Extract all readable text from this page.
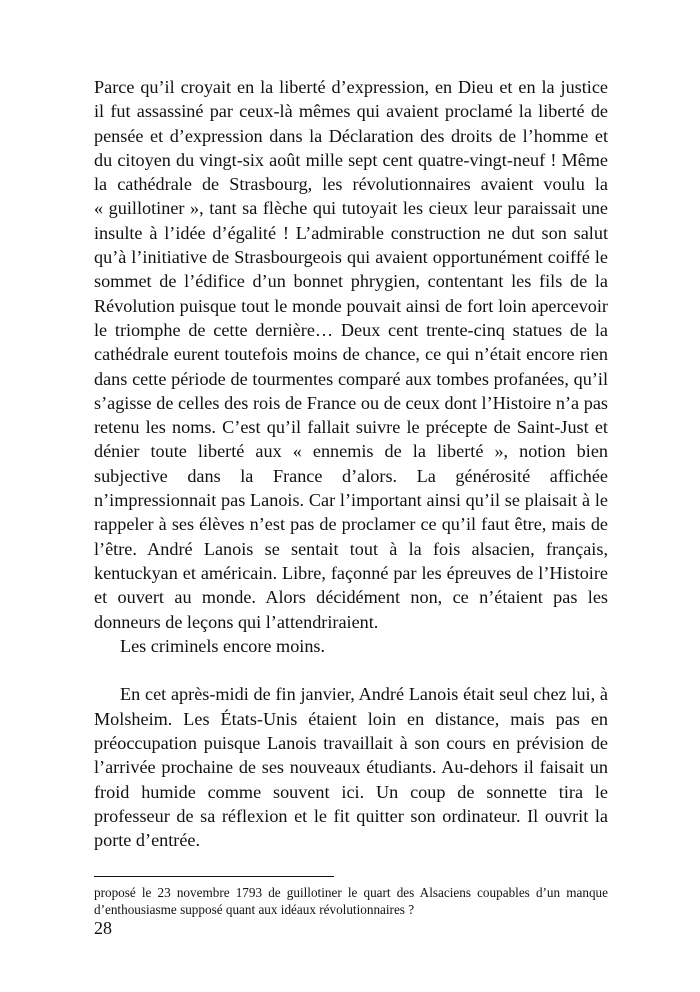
Parce qu’il croyait en la liberté d’expression, en Dieu et en la justice
il fut assassiné par ceux-là mêmes qui avaient proclamé la liberté de
pensée et d’expression dans la Déclaration des droits de l’homme et
du citoyen du vingt-six août mille sept cent quatre-vingt-neuf ! Même
la cathédrale de Strasbourg, les révolutionnaires avaient voulu la
« guillotiner », tant sa flèche qui tutoyait les cieux leur paraissait une
insulte à l’idée d’égalité ! L’admirable construction ne dut son salut
qu’à l’initiative de Strasbourgeois qui avaient opportunément coiffé le
sommet de l’édifice d’un bonnet phrygien, contentant les fils de la
Révolution puisque tout le monde pouvait ainsi de fort loin apercevoir
le triomphe de cette dernière… Deux cent trente-cinq statues de la
cathédrale eurent toutefois moins de chance, ce qui n’était encore rien
dans cette période de tourmentes comparé aux tombes profanées, qu’il
s’agisse de celles des rois de France ou de ceux dont l’Histoire n’a pas
retenu les noms. C’est qu’il fallait suivre le précepte de Saint-Just et
dénier toute liberté aux « ennemis de la liberté », notion bien
subjective dans la France d’alors. La générosité affichée
n’impressionnait pas Lanois. Car l’important ainsi qu’il se plaisait à le
rappeler à ses élèves n’est pas de proclamer ce qu’il faut être, mais de
l’être. André Lanois se sentait tout à la fois alsacien, français,
kentuckyan et américain. Libre, façonné par les épreuves de l’Histoire
et ouvert au monde. Alors décidément non, ce n’étaient pas les
donneurs de leçons qui l’attendriraient.
Les criminels encore moins.
En cet après-midi de fin janvier, André Lanois était seul chez lui, à
Molsheim. Les États-Unis étaient loin en distance, mais pas en
préoccupation puisque Lanois travaillait à son cours en prévision de
l’arrivée prochaine de ses nouveaux étudiants. Au-dehors il faisait un
froid humide comme souvent ici. Un coup de sonnette tira le
professeur de sa réflexion et le fit quitter son ordinateur. Il ouvrit la
porte d’entrée.
proposé le 23 novembre 1793 de guillotiner le quart des Alsaciens coupables d’un manque
d’enthousiasme supposé quant aux idéaux révolutionnaires ?
28
